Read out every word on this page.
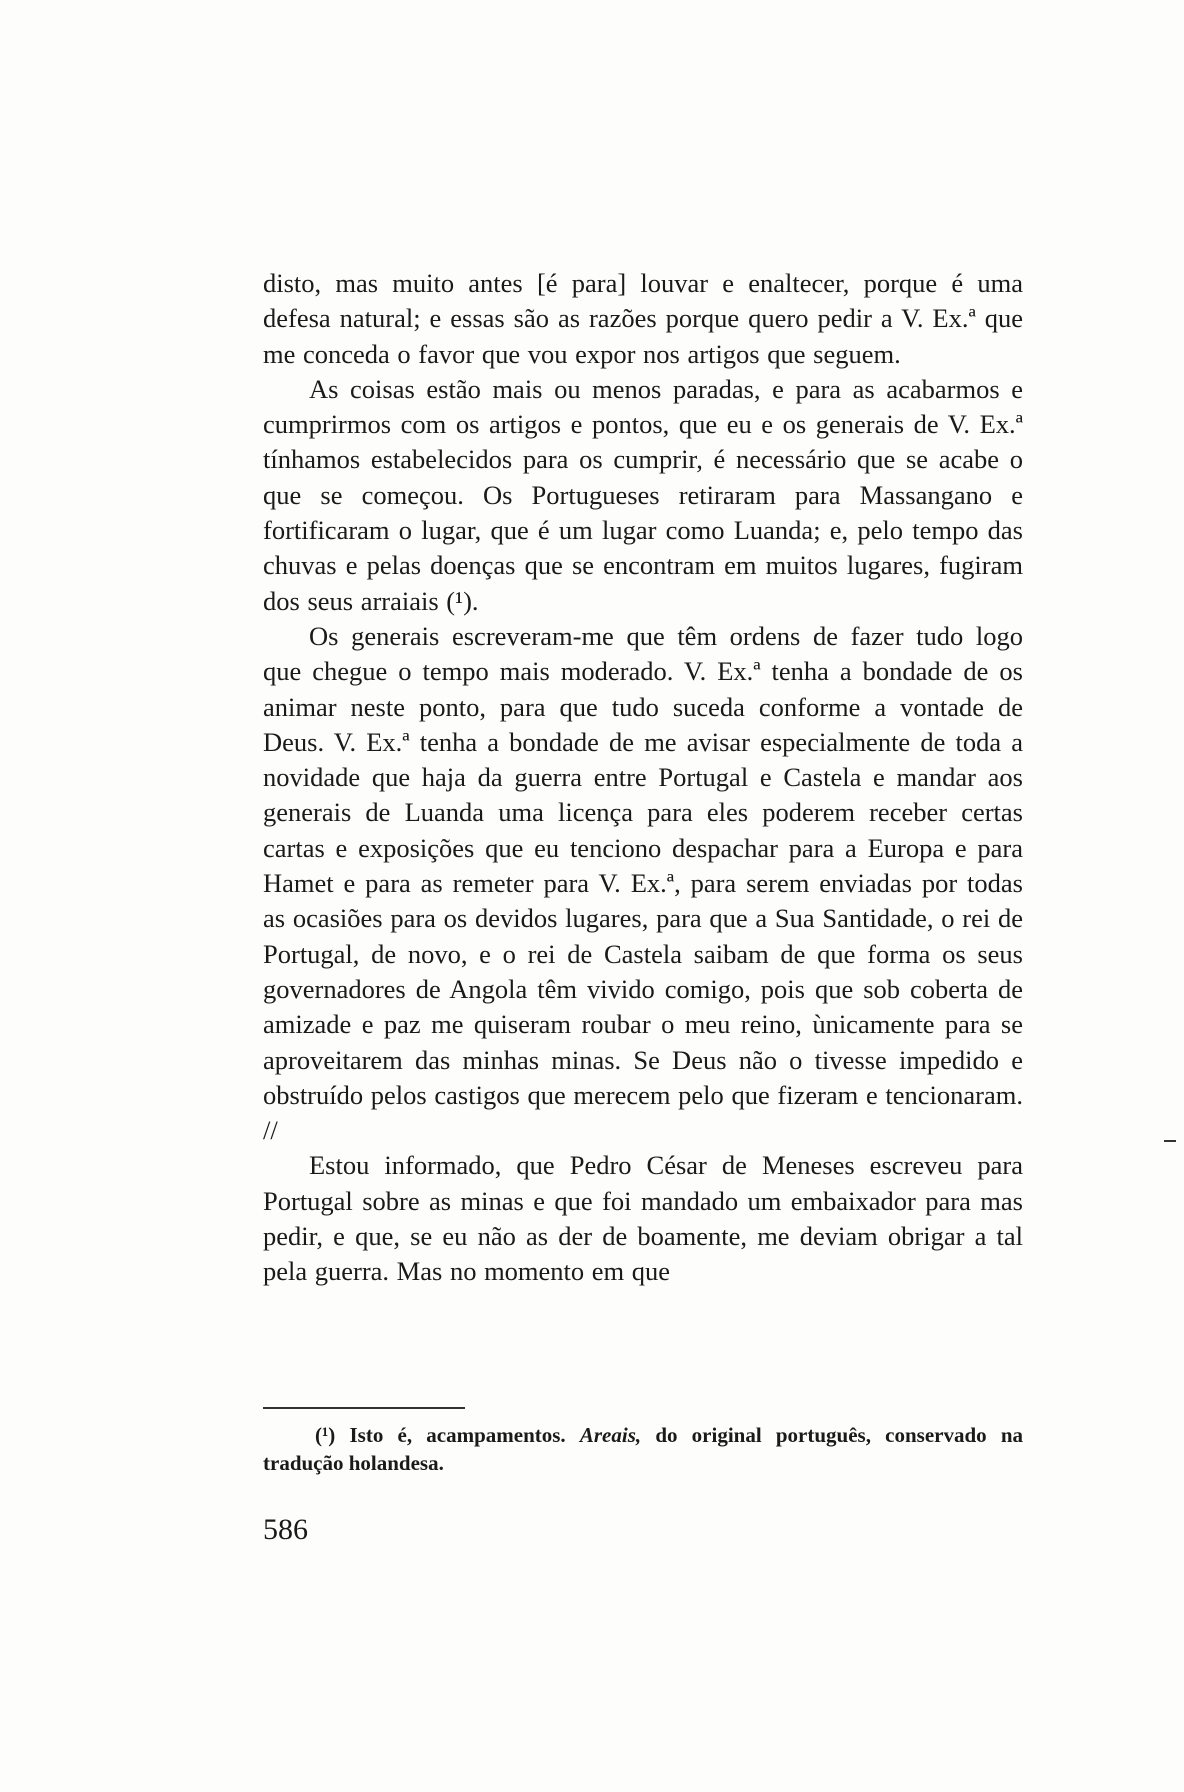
disto, mas muito antes [é para] louvar e enaltecer, porque é uma defesa natural; e essas são as razões porque quero pedir a V. Ex.ª que me conceda o favor que vou expor nos artigos que seguem.

As coisas estão mais ou menos paradas, e para as acabarmos e cumprirmos com os artigos e pontos, que eu e os generais de V. Ex.ª tínhamos estabelecidos para os cumprir, é necessário que se acabe o que se começou. Os Portugueses retiraram para Massangano e fortificaram o lugar, que é um lugar como Luanda; e, pelo tempo das chuvas e pelas doenças que se encontram em muitos lugares, fugiram dos seus arraiais (¹).

Os generais escreveram-me que têm ordens de fazer tudo logo que chegue o tempo mais moderado. V. Ex.ª tenha a bondade de os animar neste ponto, para que tudo suceda conforme a vontade de Deus. V. Ex.ª tenha a bondade de me avisar especialmente de toda a novidade que haja da guerra entre Portugal e Castela e mandar aos generais de Luanda uma licença para eles poderem receber certas cartas e exposições que eu tenciono despachar para a Europa e para Hamet e para as remeter para V. Ex.ª, para serem enviadas por todas as ocasiões para os devidos lugares, para que a Sua Santidade, o rei de Portugal, de novo, e o rei de Castela saibam de que forma os seus governadores de Angola têm vivido comigo, pois que sob coberta de amizade e paz me quiseram roubar o meu reino, ùnicamente para se aproveitarem das minhas minas. Se Deus não o tivesse impedido e obstruído pelos castigos que merecem pelo que fizeram e tencionaram. //

Estou informado, que Pedro César de Meneses escreveu para Portugal sobre as minas e que foi mandado um embaixador para mas pedir, e que, se eu não as der de boamente, me deviam obrigar a tal pela guerra. Mas no momento em que

(¹) Isto é, acampamentos. Areais, do original português, conservado na tradução holandesa.

586
